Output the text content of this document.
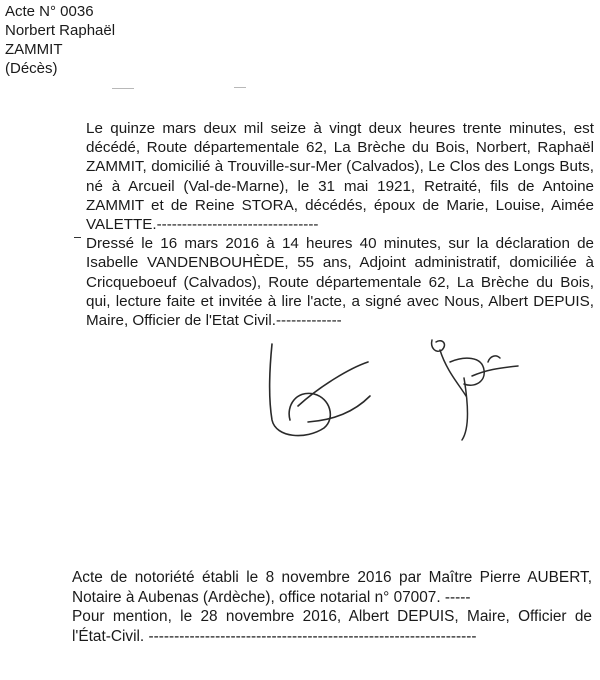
Acte N° 0036
Norbert Raphaël
ZAMMIT
(Décès)

Le quinze mars deux mil seize à vingt deux heures trente minutes, est décédé, Route départementale 62, La Brèche du Bois, Norbert, Raphaël ZAMMIT, domicilié à Trouville-sur-Mer (Calvados), Le Clos des Longs Buts, né à Arcueil (Val-de-Marne), le 31 mai 1921, Retraité, fils de Antoine ZAMMIT et de Reine STORA, décédés, époux de Marie, Louise, Aimée VALETTE.--------------------------------

Dressé le 16 mars 2016 à 14 heures 40 minutes, sur la déclaration de Isabelle VANDENBOUHÈDE, 55 ans, Adjoint administratif, domiciliée à Cricqueboeuf (Calvados), Route départementale 62, La Brèche du Bois, qui, lecture faite et invitée à lire l'acte, a signé avec Nous, Albert DEPUIS, Maire, Officier de l'Etat Civil.-------------

Acte de notoriété établi le 8 novembre 2016 par Maître Pierre AUBERT, Notaire à Aubenas (Ardèche), office notarial n° 07007. -----

Pour mention, le 28 novembre 2016, Albert DEPUIS, Maire, Officier de l'État-Civil. ----------------------------------------------------------------
